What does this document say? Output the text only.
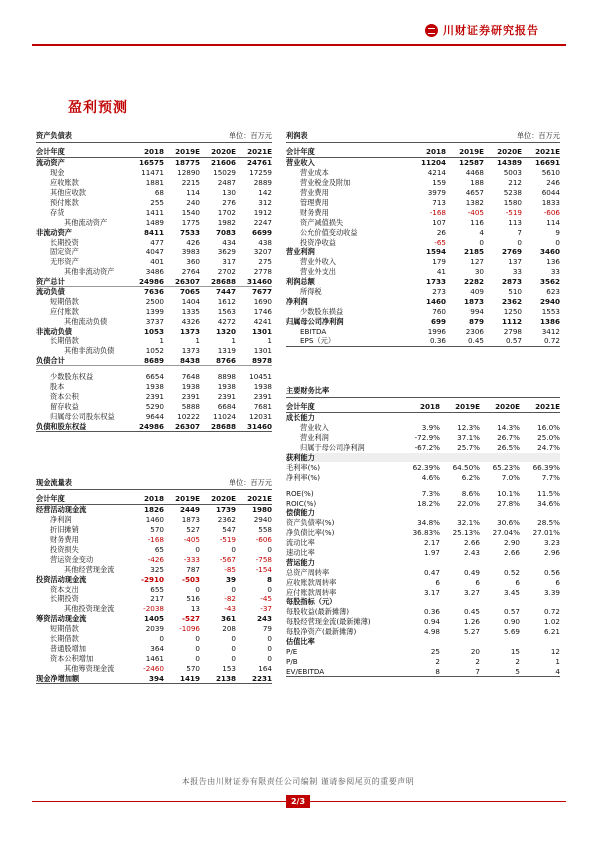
川财证券研究报告
盈利预测
资产负债表	单位：百万元
会计年度	2018	2019E	2020E	2021E
流动资产	16575	18775	21606	24761
现金	11471	12890	15029	17259
应收账款	1881	2215	2487	2889
其他应收款	68	114	130	142
预付账款	255	240	276	312
存货	1411	1540	1702	1912
其他流动资产	1489	1775	1982	2247
非流动资产	8411	7533	7083	6699
长期投资	477	426	434	438
固定资产	4047	3983	3629	3207
无形资产	401	360	317	275
其他非流动资产	3486	2764	2702	2778
资产总计	24986	26307	28688	31460
流动负债	7636	7065	7447	7677
短期借款	2500	1404	1612	1690
应付账款	1399	1335	1563	1746
其他流动负债	3737	4326	4272	4241
非流动负债	1053	1373	1320	1301
长期借款	1	1	1	1
其他非流动负债	1052	1373	1319	1301
负债合计	8689	8438	8766	8978
少数股东权益	6654	7648	8898	10451
股本	1938	1938	1938	1938
资本公积	2391	2391	2391	2391
留存收益	5290	5888	6684	7681
归属母公司股东权益	9644	10222	11024	12031
负债和股东权益	24986	26307	28688	31460
现金流量表	单位：百万元
会计年度	2018	2019E	2020E	2021E
经营活动现金流	1826	2449	1739	1980
净利润	1460	1873	2362	2940
折旧摊销	570	527	547	558
财务费用	-168	-405	-519	-606
投资损失	65	0	0	0
营运资金变动	-426	-333	-567	-758
其他经营现金流	325	787	-85	-154
投资活动现金流	-2910	-503	39	8
资本支出	655	0	0	0
长期投资	217	516	-82	-45
其他投资现金流	-2038	13	-43	-37
筹资活动现金流	1405	-527	361	243
短期借款	2039	-1096	208	79
长期借款	0	0	0	0
普通股增加	364	0	0	0
资本公积增加	1461	0	0	0
其他筹资现金流	-2460	570	153	164
现金净增加额	394	1419	2138	2231
利润表	单位：百万元
会计年度	2018	2019E	2020E	2021E
营业收入	11204	12587	14389	16691
营业成本	4214	4468	5003	5610
营业税金及附加	159	188	212	246
营业费用	3979	4657	5238	6044
管理费用	713	1382	1580	1833
财务费用	-168	-405	-519	-606
资产减值损失	107	116	113	114
公允价值变动收益	26	4	7	9
投资净收益	-65	0	0	0
营业利润	1594	2185	2769	3460
营业外收入	179	127	137	136
营业外支出	41	30	33	33
利润总额	1733	2282	2873	3562
所得税	273	409	510	623
净利润	1460	1873	2362	2940
少数股东损益	760	994	1250	1553
归属母公司净利润	699	879	1112	1386
EBITDA	1996	2306	2798	3412
EPS（元）	0.36	0.45	0.57	0.72
主要财务比率
会计年度	2018	2019E	2020E	2021E
成长能力
营业收入	3.9%	12.3%	14.3%	16.0%
营业利润	-72.9%	37.1%	26.7%	25.0%
归属于母公司净利润	-67.2%	25.7%	26.5%	24.7%
获利能力
毛利率(%)	62.39%	64.50%	65.23%	66.39%
净利率(%)	4.6%	6.2%	7.0%	7.7%
ROE(%)	7.3%	8.6%	10.1%	11.5%
ROIC(%)	18.2%	22.0%	27.8%	34.6%
偿债能力
资产负债率(%)	34.8%	32.1%	30.6%	28.5%
净负债比率(%)	36.83%	25.13%	27.04%	27.01%
流动比率	2.17	2.66	2.90	3.23
速动比率	1.97	2.43	2.66	2.96
营运能力
总资产周转率	0.47	0.49	0.52	0.56
应收账款周转率	6	6	6	6
应付账款周转率	3.17	3.27	3.45	3.39
每股指标（元）
每股收益(最新摊薄)	0.36	0.45	0.57	0.72
每股经营现金流(最新摊薄)	0.94	1.26	0.90	1.02
每股净资产(最新摊薄)	4.98	5.27	5.69	6.21
估值比率
P/E	25	20	15	12
P/B	2	2	2	1
EV/EBITDA	8	7	5	4
本报告由川财证券有限责任公司编制 谨请参阅尾页的重要声明
2/3
